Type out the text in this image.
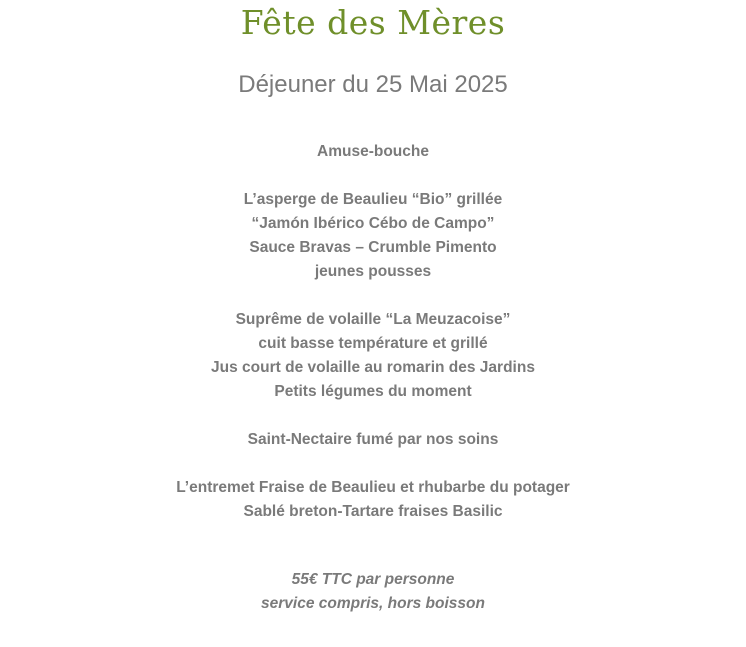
Fête des Mères
Déjeuner du 25 Mai 2025
Amuse-bouche
L’asperge de Beaulieu “Bio” grillée
“Jamón Ibérico Cébo de Campo”
Sauce Bravas – Crumble Pimento
jeunes pousses
Suprême de volaille “La Meuzacoise”
cuit basse température et grillé
Jus court de volaille au romarin des Jardins
Petits légumes du moment
Saint-Nectaire fumé par nos soins
L’entremet Fraise de Beaulieu et rhubarbe du potager
Sablé breton-Tartare fraises Basilic
55€ TTC par personne
service compris, hors boisson
